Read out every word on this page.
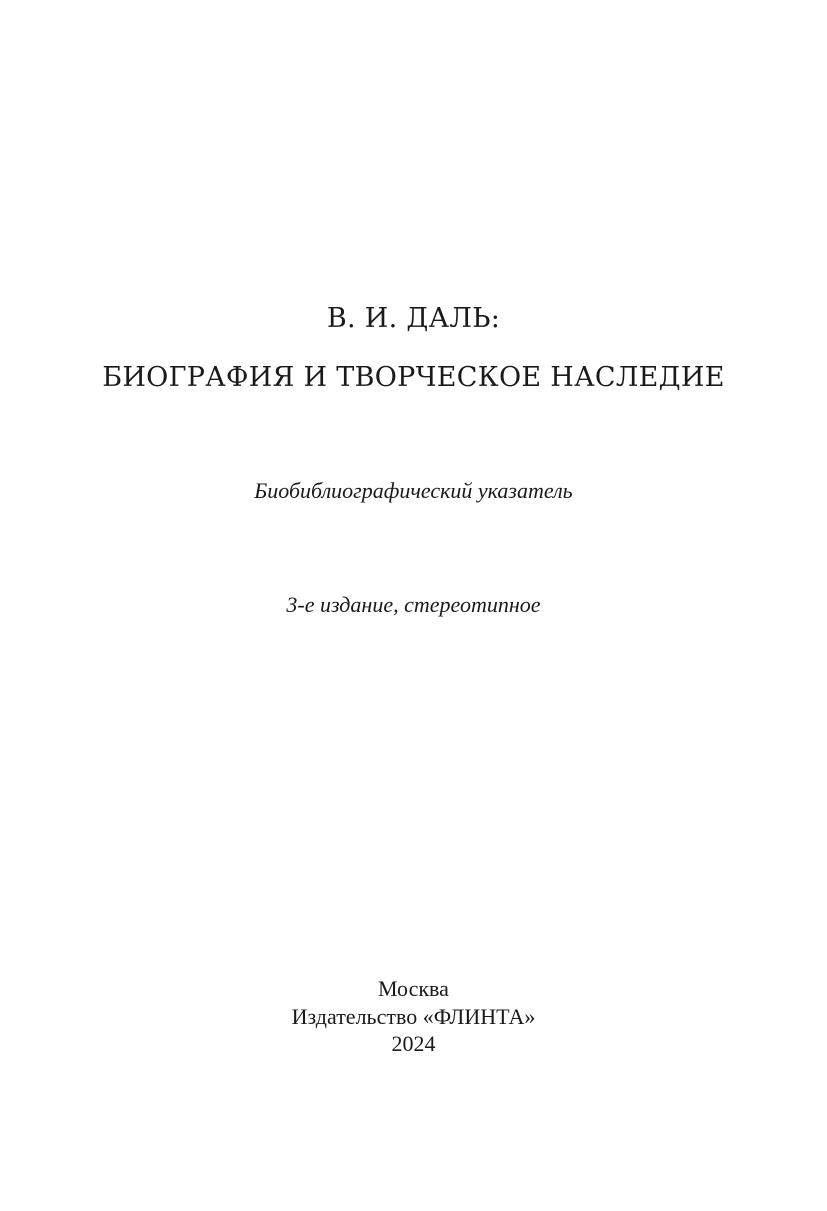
В. И. ДАЛЬ:
БИОГРАФИЯ И ТВОРЧЕСКОЕ НАСЛЕДИЕ

Биобиблиографический указатель

3-е издание, стереотипное

Москва

Издательство «ФЛИНТА»

2024
